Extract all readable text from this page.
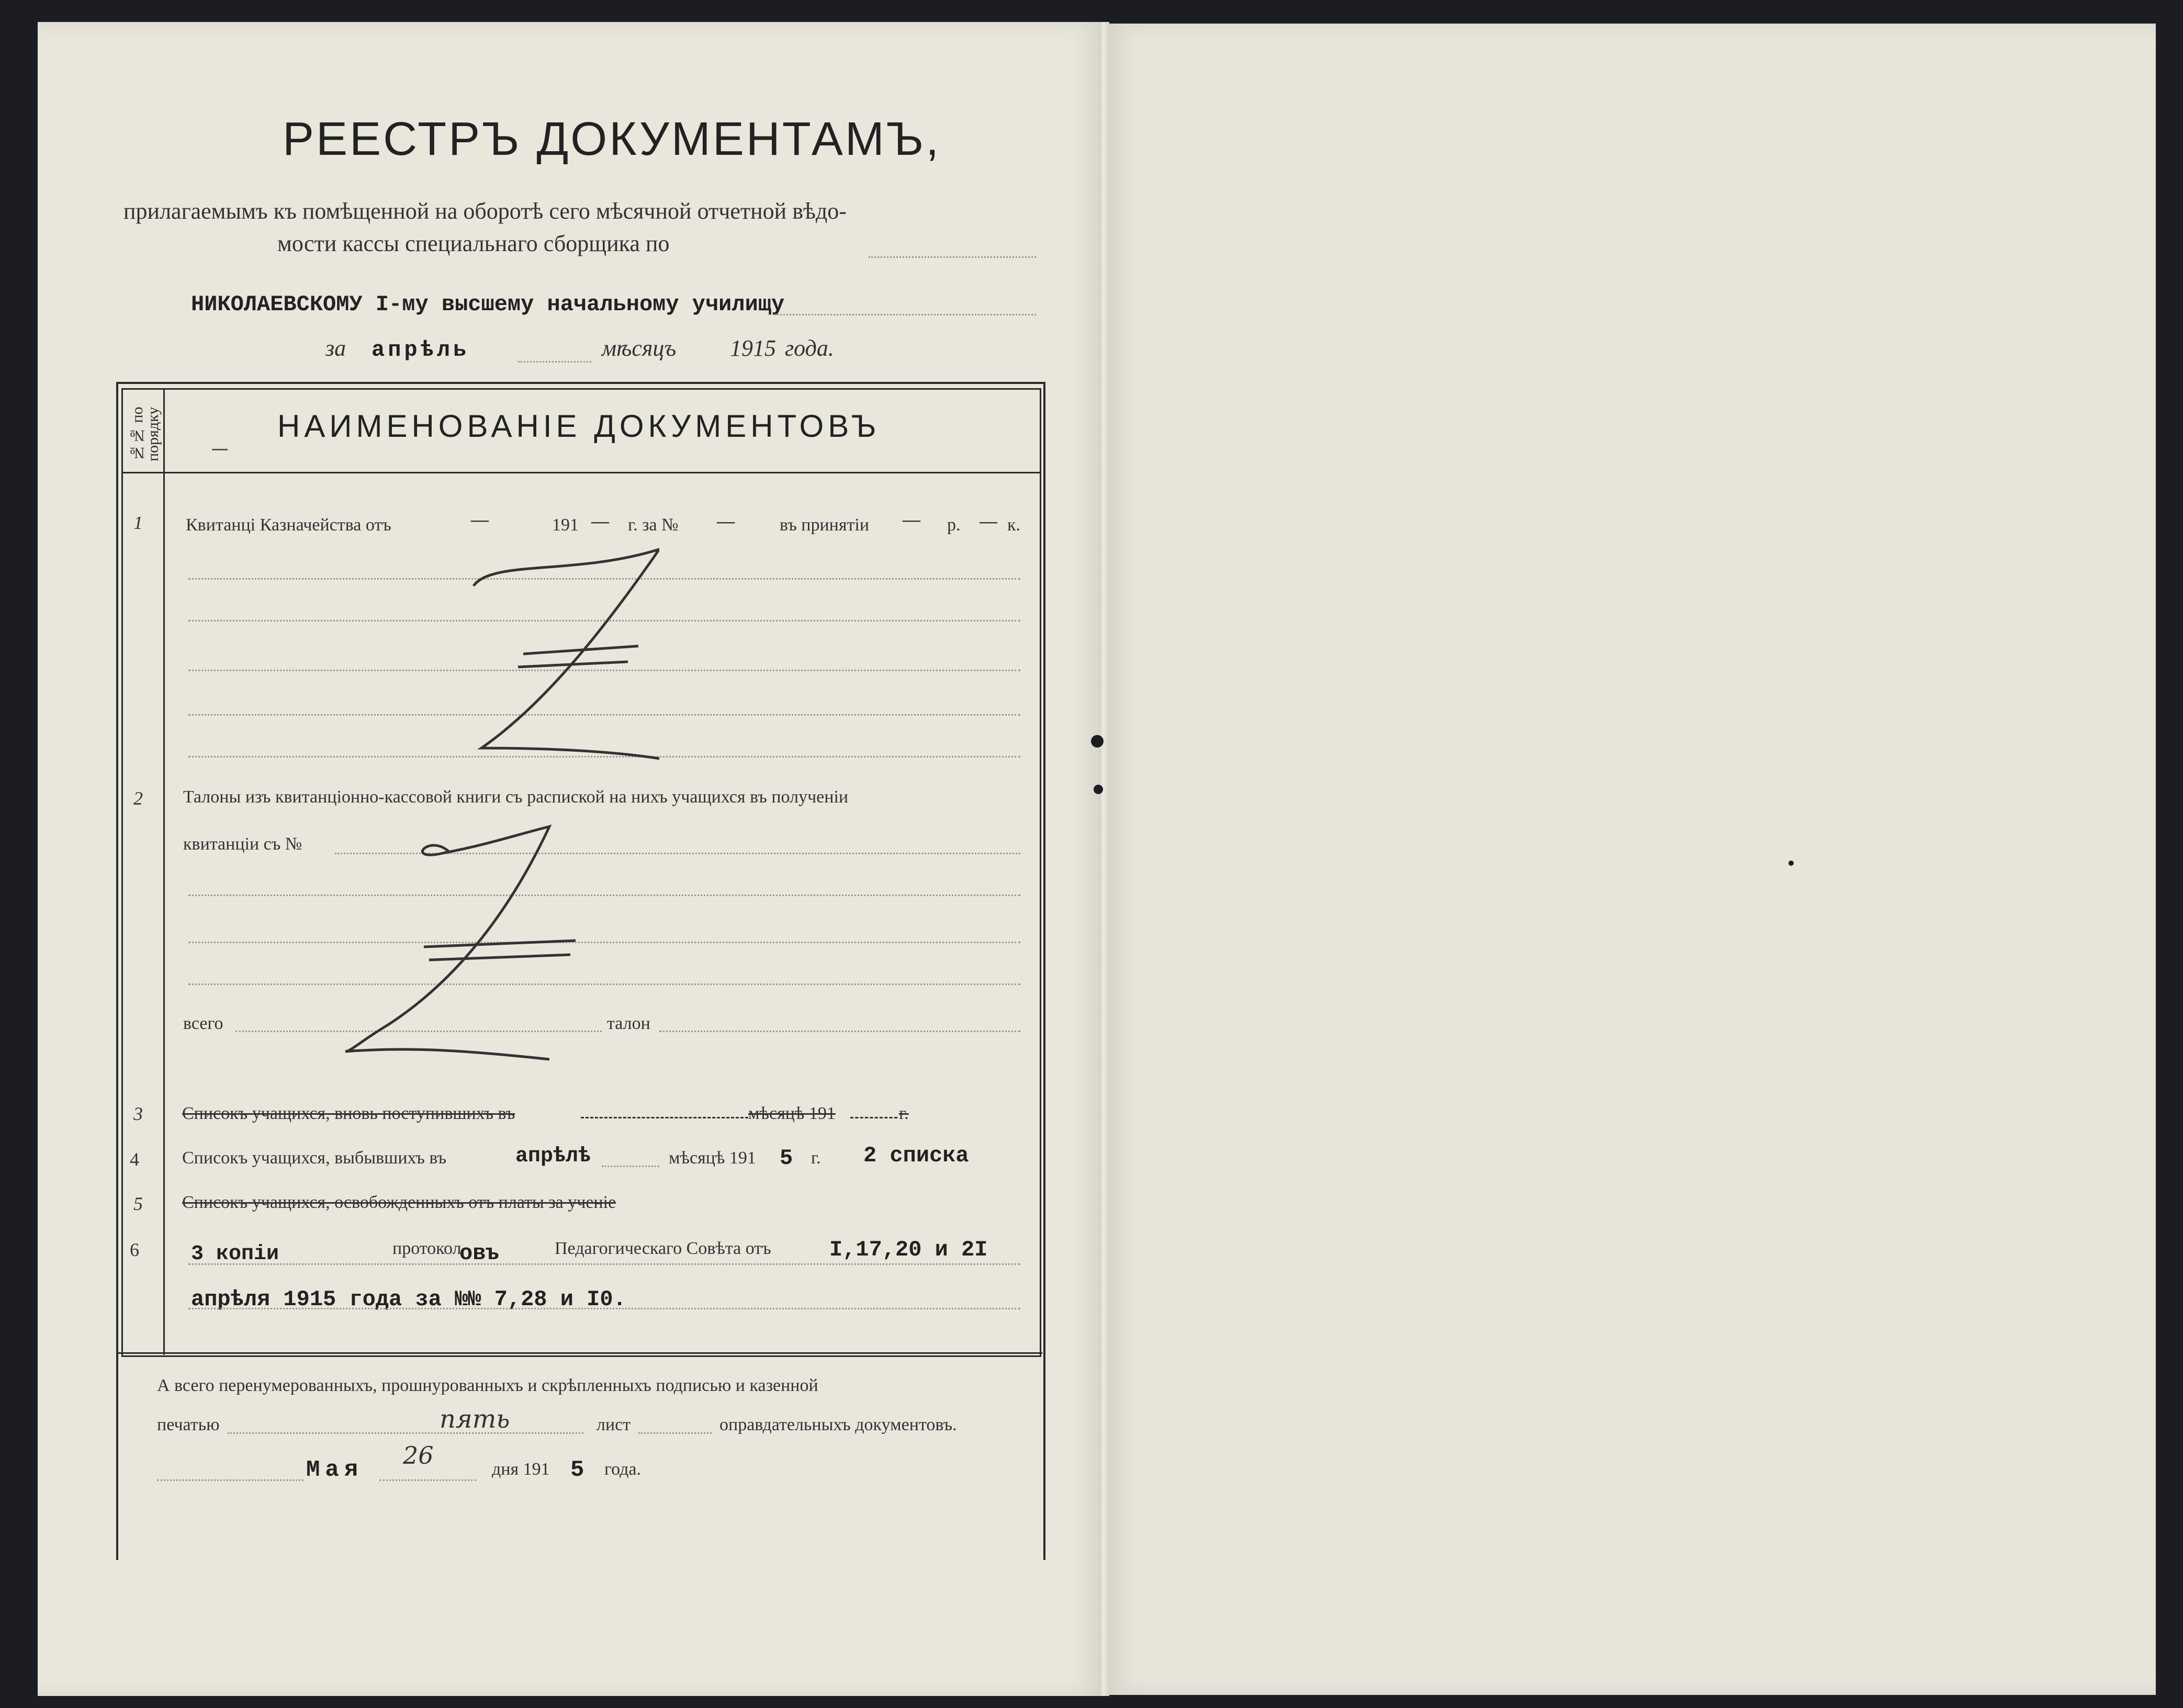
РЕЕСТРЪ ДОКУМЕНТАМЪ,
прилагаемымъ къ помѣщенной на оборотѣ сего мѣсячной отчетной вѣдо-
мости кассы специальнаго сборщика по
НИКОЛАЕВСКОМУ I-му высшему начальному училищу
за апрѣль	мѣсяцъ 1915 года.
№№ по порядку	НАИМЕНОВАНIЕ ДОКУМЕНТОВЪ
1 Квитанці Казначейства отъ	—	191 — г. за № —	въ принятіи — р. — к.
2 Талоны изъ квитанціонно-кассовой книги съ распиской на нихъ учащихся въ полученіи
квитанціи съ №
всего	талон
3 Списокъ учащихся, вновь поступившихъ въ	мѣсяцѣ 191	г.
4 Списокъ учащихся, выбывшихъ въ	апрѣлѣ	мѣсяцѣ 191 5 г. 2 списка
5 Списокъ учащихся, освобожденныхъ отъ платы за ученіе
6 3 копіи	протокол
овъ	Педагогическаго Совѣта отъ	I,17,20 и 2I
апрѣля 1915 года за №№ 7,28 и I0.
А всего перенумерованныхъ, прошнурованныхъ и скрѣпленныхъ подписью и казенной
печатью	пять	лист	оправдательныхъ документовъ.
Мая
26	дня 191 5 года.
